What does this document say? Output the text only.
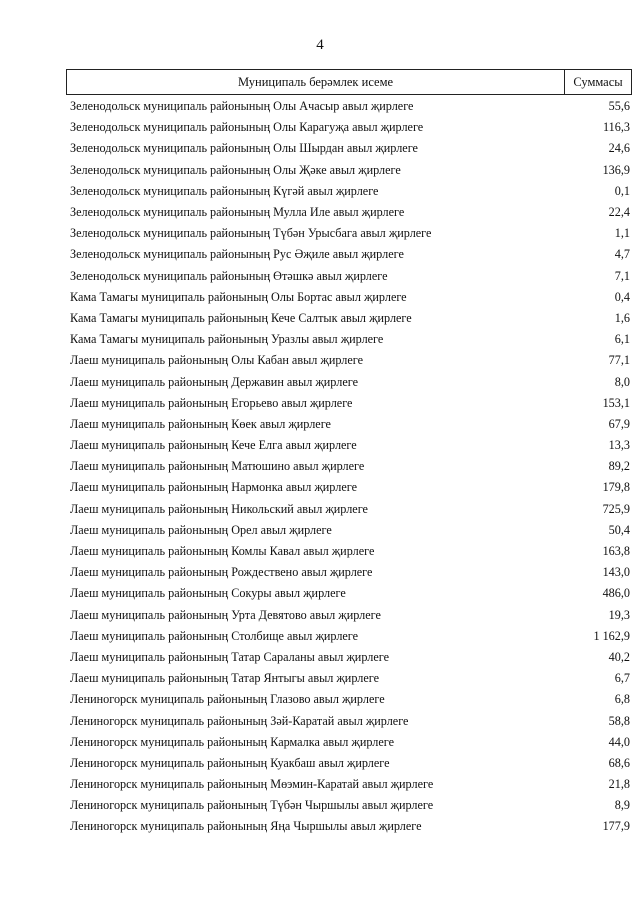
4
Муниципаль берәмлек исеме	Суммасы
Зеленодольск муниципаль районының Олы Ачасыр авыл җирлеге	55,6
Зеленодольск муниципаль районының Олы Карагуҗа авыл җирлеге	116,3
Зеленодольск муниципаль районының Олы Шырдан авыл җирлеге	24,6
Зеленодольск муниципаль районының Олы Җәке авыл җирлеге	136,9
Зеленодольск муниципаль районының Күгәй авыл җирлеге	0,1
Зеленодольск муниципаль районының Мулла Иле авыл җирлеге	22,4
Зеленодольск муниципаль районының Түбән Урысбага авыл җирлеге	1,1
Зеленодольск муниципаль районының Рус Әҗиле авыл җирлеге	4,7
Зеленодольск муниципаль районының Өтәшкә авыл җирлеге	7,1
Кама Тамагы муниципаль районының Олы Бортас авыл җирлеге	0,4
Кама Тамагы муниципаль районының Кече Салтык авыл җирлеге	1,6
Кама Тамагы муниципаль районының Уразлы авыл җирлеге	6,1
Лаеш муниципаль районының Олы Кабан авыл җирлеге	77,1
Лаеш муниципаль районының Державин авыл җирлеге	8,0
Лаеш муниципаль районының Егорьево авыл җирлеге	153,1
Лаеш муниципаль районының Көек авыл җирлеге	67,9
Лаеш муниципаль районының Кече Елга авыл җирлеге	13,3
Лаеш муниципаль районының Матюшино авыл җирлеге	89,2
Лаеш муниципаль районының Нармонка авыл җирлеге	179,8
Лаеш муниципаль районының Никольский авыл җирлеге	725,9
Лаеш муниципаль районының Орел авыл җирлеге	50,4
Лаеш муниципаль районының Комлы Кавал авыл җирлеге	163,8
Лаеш муниципаль районының Рождествено авыл җирлеге	143,0
Лаеш муниципаль районының Сокуры авыл җирлеге	486,0
Лаеш муниципаль районының Урта Девятово авыл җирлеге	19,3
Лаеш муниципаль районының Столбище авыл җирлеге	1 162,9
Лаеш муниципаль районының Татар Сараланы авыл җирлеге	40,2
Лаеш муниципаль районының Татар Янтыгы авыл җирлеге	6,7
Лениногорск муниципаль районының Глазово авыл җирлеге	6,8
Лениногорск муниципаль районының Зәй-Каратай авыл җирлеге	58,8
Лениногорск муниципаль районының Кармалка авыл җирлеге	44,0
Лениногорск муниципаль районының Куакбаш авыл җирлеге	68,6
Лениногорск муниципаль районының Мөэмин-Каратай авыл җирлеге	21,8
Лениногорск муниципаль районының Түбән Чыршылы авыл җирлеге	8,9
Лениногорск муниципаль районының Яңа Чыршылы авыл җирлеге	177,9
